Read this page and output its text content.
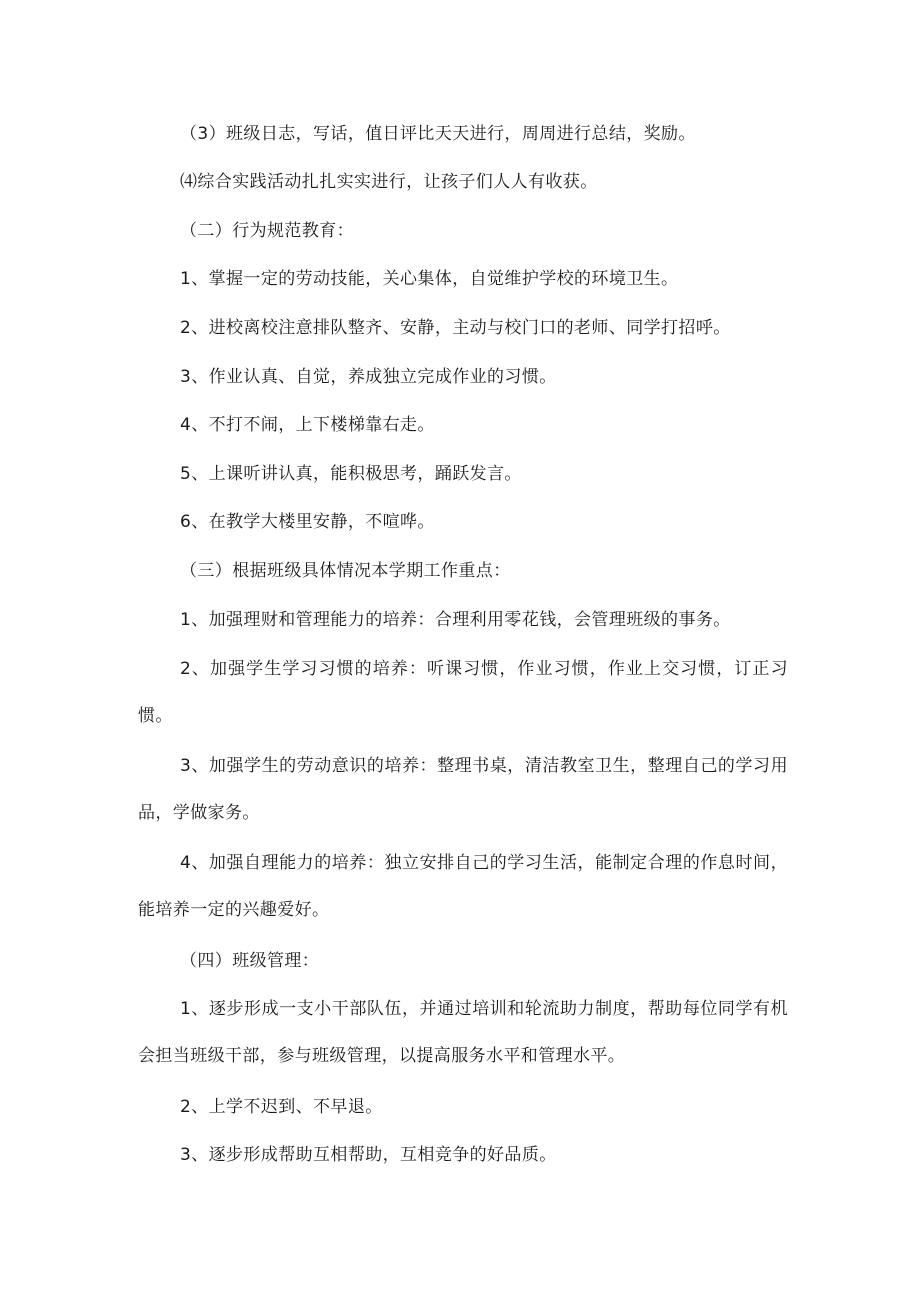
（3）班级日志，写话，值日评比天天进行，周周进行总结，奖励。

⑷综合实践活动扎扎实实进行，让孩子们人人有收获。

（二）行为规范教育：

1、掌握一定的劳动技能，关心集体，自觉维护学校的环境卫生。

2、进校离校注意排队整齐、安静，主动与校门口的老师、同学打招呼。

3、作业认真、自觉，养成独立完成作业的习惯。

4、不打不闹，上下楼梯靠右走。

5、上课听讲认真，能积极思考，踊跃发言。

6、在教学大楼里安静，不喧哗。

（三）根据班级具体情况本学期工作重点：

1、加强理财和管理能力的培养：合理利用零花钱，会管理班级的事务。

2、加强学生学习习惯的培养：听课习惯，作业习惯，作业上交习惯，订正习惯。

3、加强学生的劳动意识的培养：整理书桌，清洁教室卫生，整理自己的学习用品，学做家务。

4、加强自理能力的培养：独立安排自己的学习生活，能制定合理的作息时间，能培养一定的兴趣爱好。

（四）班级管理：

1、逐步形成一支小干部队伍，并通过培训和轮流助力制度，帮助每位同学有机会担当班级干部，参与班级管理，以提高服务水平和管理水平。

2、上学不迟到、不早退。

3、逐步形成帮助互相帮助，互相竞争的好品质。
